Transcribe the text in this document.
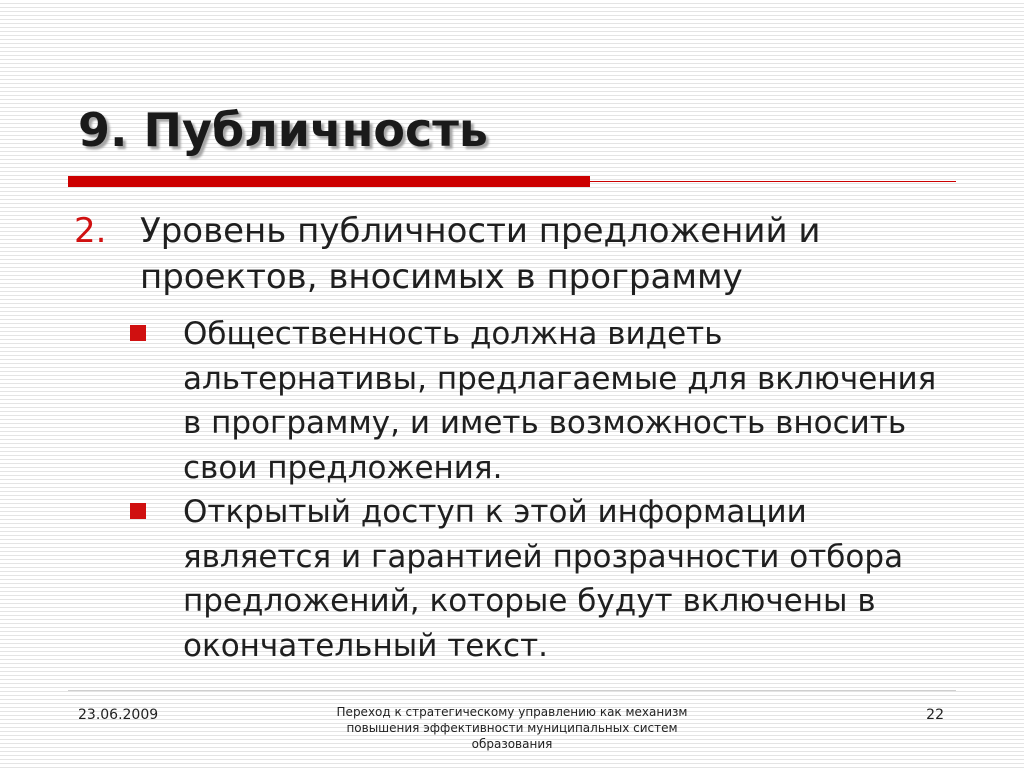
9. Публичность
2. Уровень публичности предложений и проектов, вносимых в программу
Общественность должна видеть альтернативы, предлагаемые для включения в программу, и иметь возможность вносить свои предложения.
Открытый доступ к этой информации является и гарантией прозрачности отбора предложений, которые будут включены в окончательный текст.
23.06.2009	Переход к стратегическому управлению как механизм повышения эффективности муниципальных систем образования
22
